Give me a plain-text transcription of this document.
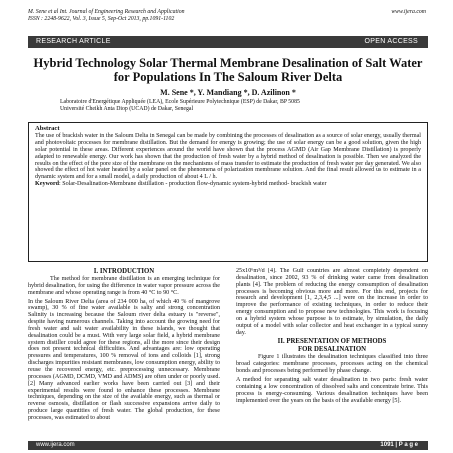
M. Sene et al Int. Journal of Engineering Research and Application
ISSN : 2248-9622, Vol. 3, Issue 5, Sep-Oct 2013, pp.1091-1102
www.ijera.com
RESEARCH ARTICLE	OPEN ACCESS
Hybrid Technology Solar Thermal Membrane Desalination of Salt Water for Populations In The Saloum River Delta
M. Sene *, Y. Mandiang *, D. Azilinon *
Laboratoire d'Energétique Appliquée (LEA), Ecole Supérieure Polytechnique (ESP) de Dakar, BP 5085
Université Cheikh Anta Diop (UCAD) de Dakar, Senegal
Abstract
The use of brackish water in the Saloum Delta in Senegal can be made by combining the processes of desalination as a source of solar energy, usually thermal and photovoltaic processes for membrane distillation. But the demand for energy is growing; the use of solar energy can be a good solution, given the high solar potential in these areas. Different experiences around the world have shown that the process AGMD (Air Gap Membrane Distillation) is properly adapted to renewable energy. Our work has shown that the production of fresh water by a hybrid method of desalination is possible. Then we analyzed the results on the effect of the pore size of the membrane on the mechanisms of mass transfer to estimate the production of fresh water per day generated. We also showed the effect of hot water heated by a solar panel on the phenomena of polarization membrane solution. And the final result allowed us to estimate in a dynamic system and for a small model, a daily production of about 4 L / h.
Keyword: Solar-Desalination-Membrane distillation - production flow-dynamic system-hybrid method- brackish water
I. INTRODUCTION

The method for membrane distillation is an emerging technique for hybrid desalination, for using the difference in water vapor pressure across the membrane and whose operating range is from 40 °C to 90 °C.

In the Saloum River Delta (area of 234 000 ha, of which 40 % of mangrove swamp), 30 % of fine water available is salty and strong concentration Salinity is increasing because the Saloum river delta estuary is "reverse", despite having numerous channels. Taking into account the growing need for fresh water and salt water availability in these islands, we thought that desalination could be a must. With very large solar field, a hybrid membrane system distiller could agree for these regions, all the more since their design does not present technical difficulties. And advantages are: low operating pressures and temperatures, 100 % removal of ions and colloids [1], strong discharges impurities resistant membranes, low consumption energy, ability to reuse the recovered energy, etc. preprocessing unnecessary. Membrane processes (AGMD, DCMD, VMD and ADMS) are often under or poorly used. [2] Many advanced earlier works have been carried out [3] and their experimental results were found to enhance these processes. Membrane techniques, depending on the size of the available energy, such as thermal or reverse osmosis, distillation or flash successive expansions arrive daily to produce large quantities of fresh water. The global production, for these processes, was estimated to about

25x10⁶m³/d [4]. The Gulf countries are almost completely dependent on desalination, since 2002, 93 % of drinking water came from desalination plants [4]. The problem of reducing the energy consumption of desalination processes is becoming obvious more and more. For this end, projects for research and development [1, 2,3,4,5 ...] were on the increase in order to improve the performance of existing techniques, in order to reduce their energy consumption and to propose new technologies. This work is focusing on a hybrid system whose purpose is to estimate, by simulation, the daily output of a model with solar collector and heat exchanger in a typical sunny day.

II. PRESENTATION OF METHODS
FOR DESALINATION

Figure 1 illustrates the desalination techniques classified into three broad categories: membrane processes, processes acting on the chemical bonds and processes being performed by phase change.

A method for separating salt water desalination in two parts: fresh water containing a low concentration of dissolved salts and concentrate brine. This process is energy-consuming. Various desalination techniques have been implemented over the years on the basis of the available energy [5].

www.ijera.com	1091 | P a g e
